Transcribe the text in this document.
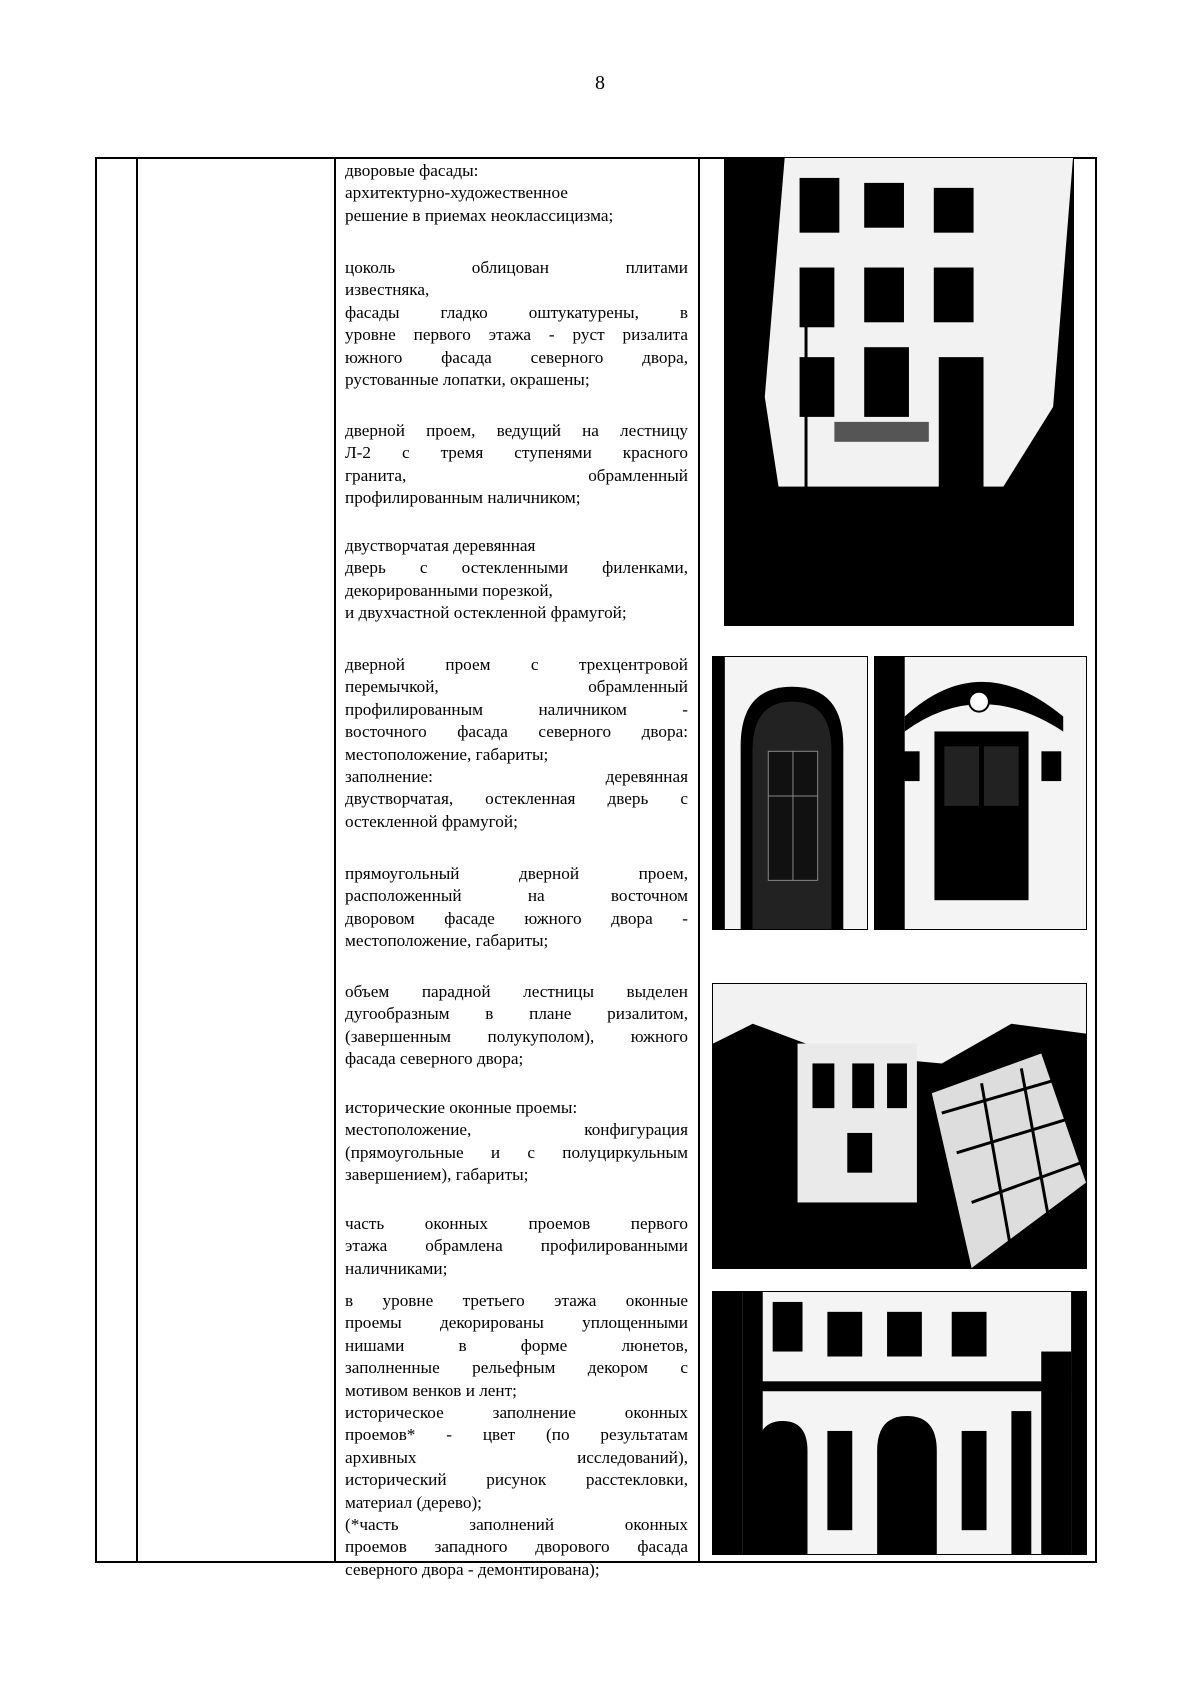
8

дворовые фасады:

архитектурно-художественное

решение в приемах неоклассицизма;

цоколь облицован плитами

известняка,

фасады гладко оштукатурены, в

уровне первого этажа - руст ризалита

южного фасада северного двора,

рустованные лопатки, окрашены;

дверной проем, ведущий на лестницу

Л-2 с тремя ступенями красного

гранита, обрамленный

профилированным наличником;

двустворчатая деревянная

дверь с остекленными филенками,

декорированными порезкой,

и двухчастной остекленной фрамугой;

дверной проем с трехцентровой

перемычкой, обрамленный

профилированным наличником -

восточного фасада северного двора:

местоположение, габариты;

заполнение: деревянная

двустворчатая, остекленная дверь с

остекленной фрамугой;

прямоугольный дверной проем,

расположенный на восточном

дворовом фасаде южного двора -

местоположение, габариты;

объем парадной лестницы выделен

дугообразным в плане ризалитом,

(завершенным полукуполом), южного

фасада северного двора;

исторические оконные проемы:

местоположение, конфигурация

(прямоугольные и с полуциркульным

завершением), габариты;

часть оконных проемов первого

этажа обрамлена профилированными

наличниками;

в уровне третьего этажа оконные

проемы декорированы уплощенными

нишами в форме люнетов,

заполненные рельефным декором с

мотивом венков и лент;

историческое заполнение оконных

проемов* - цвет (по результатам

архивных исследований),

исторический рисунок расстекловки,

материал (дерево);

(*часть заполнений оконных

проемов западного дворового фасада

северного двора - демонтирована);
